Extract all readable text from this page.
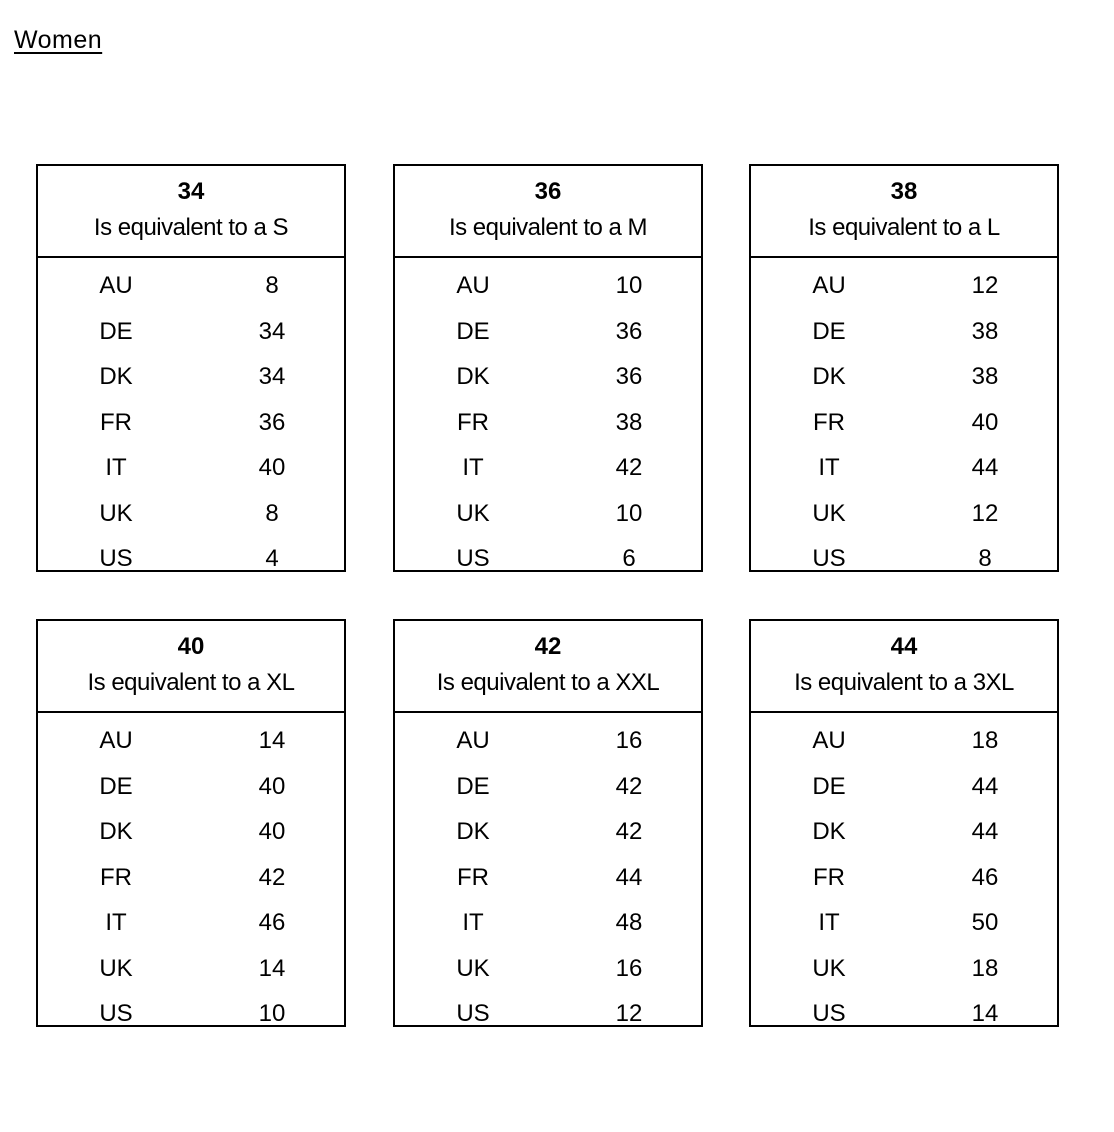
Women
34
Is equivalent to a S
AU	8
DE	34
DK	34
FR	36
IT	40
UK	8
US	4
36
Is equivalent to a M
AU	10
DE	36
DK	36
FR	38
IT	42
UK	10
US	6
38
Is equivalent to a L
AU	12
DE	38
DK	38
FR	40
IT	44
UK	12
US	8
40
Is equivalent to a XL
AU	14
DE	40
DK	40
FR	42
IT	46
UK	14
US	10
42
Is equivalent to a XXL
AU	16
DE	42
DK	42
FR	44
IT	48
UK	16
US	12
44
Is equivalent to a 3XL
AU	18
DE	44
DK	44
FR	46
IT	50
UK	18
US	14
